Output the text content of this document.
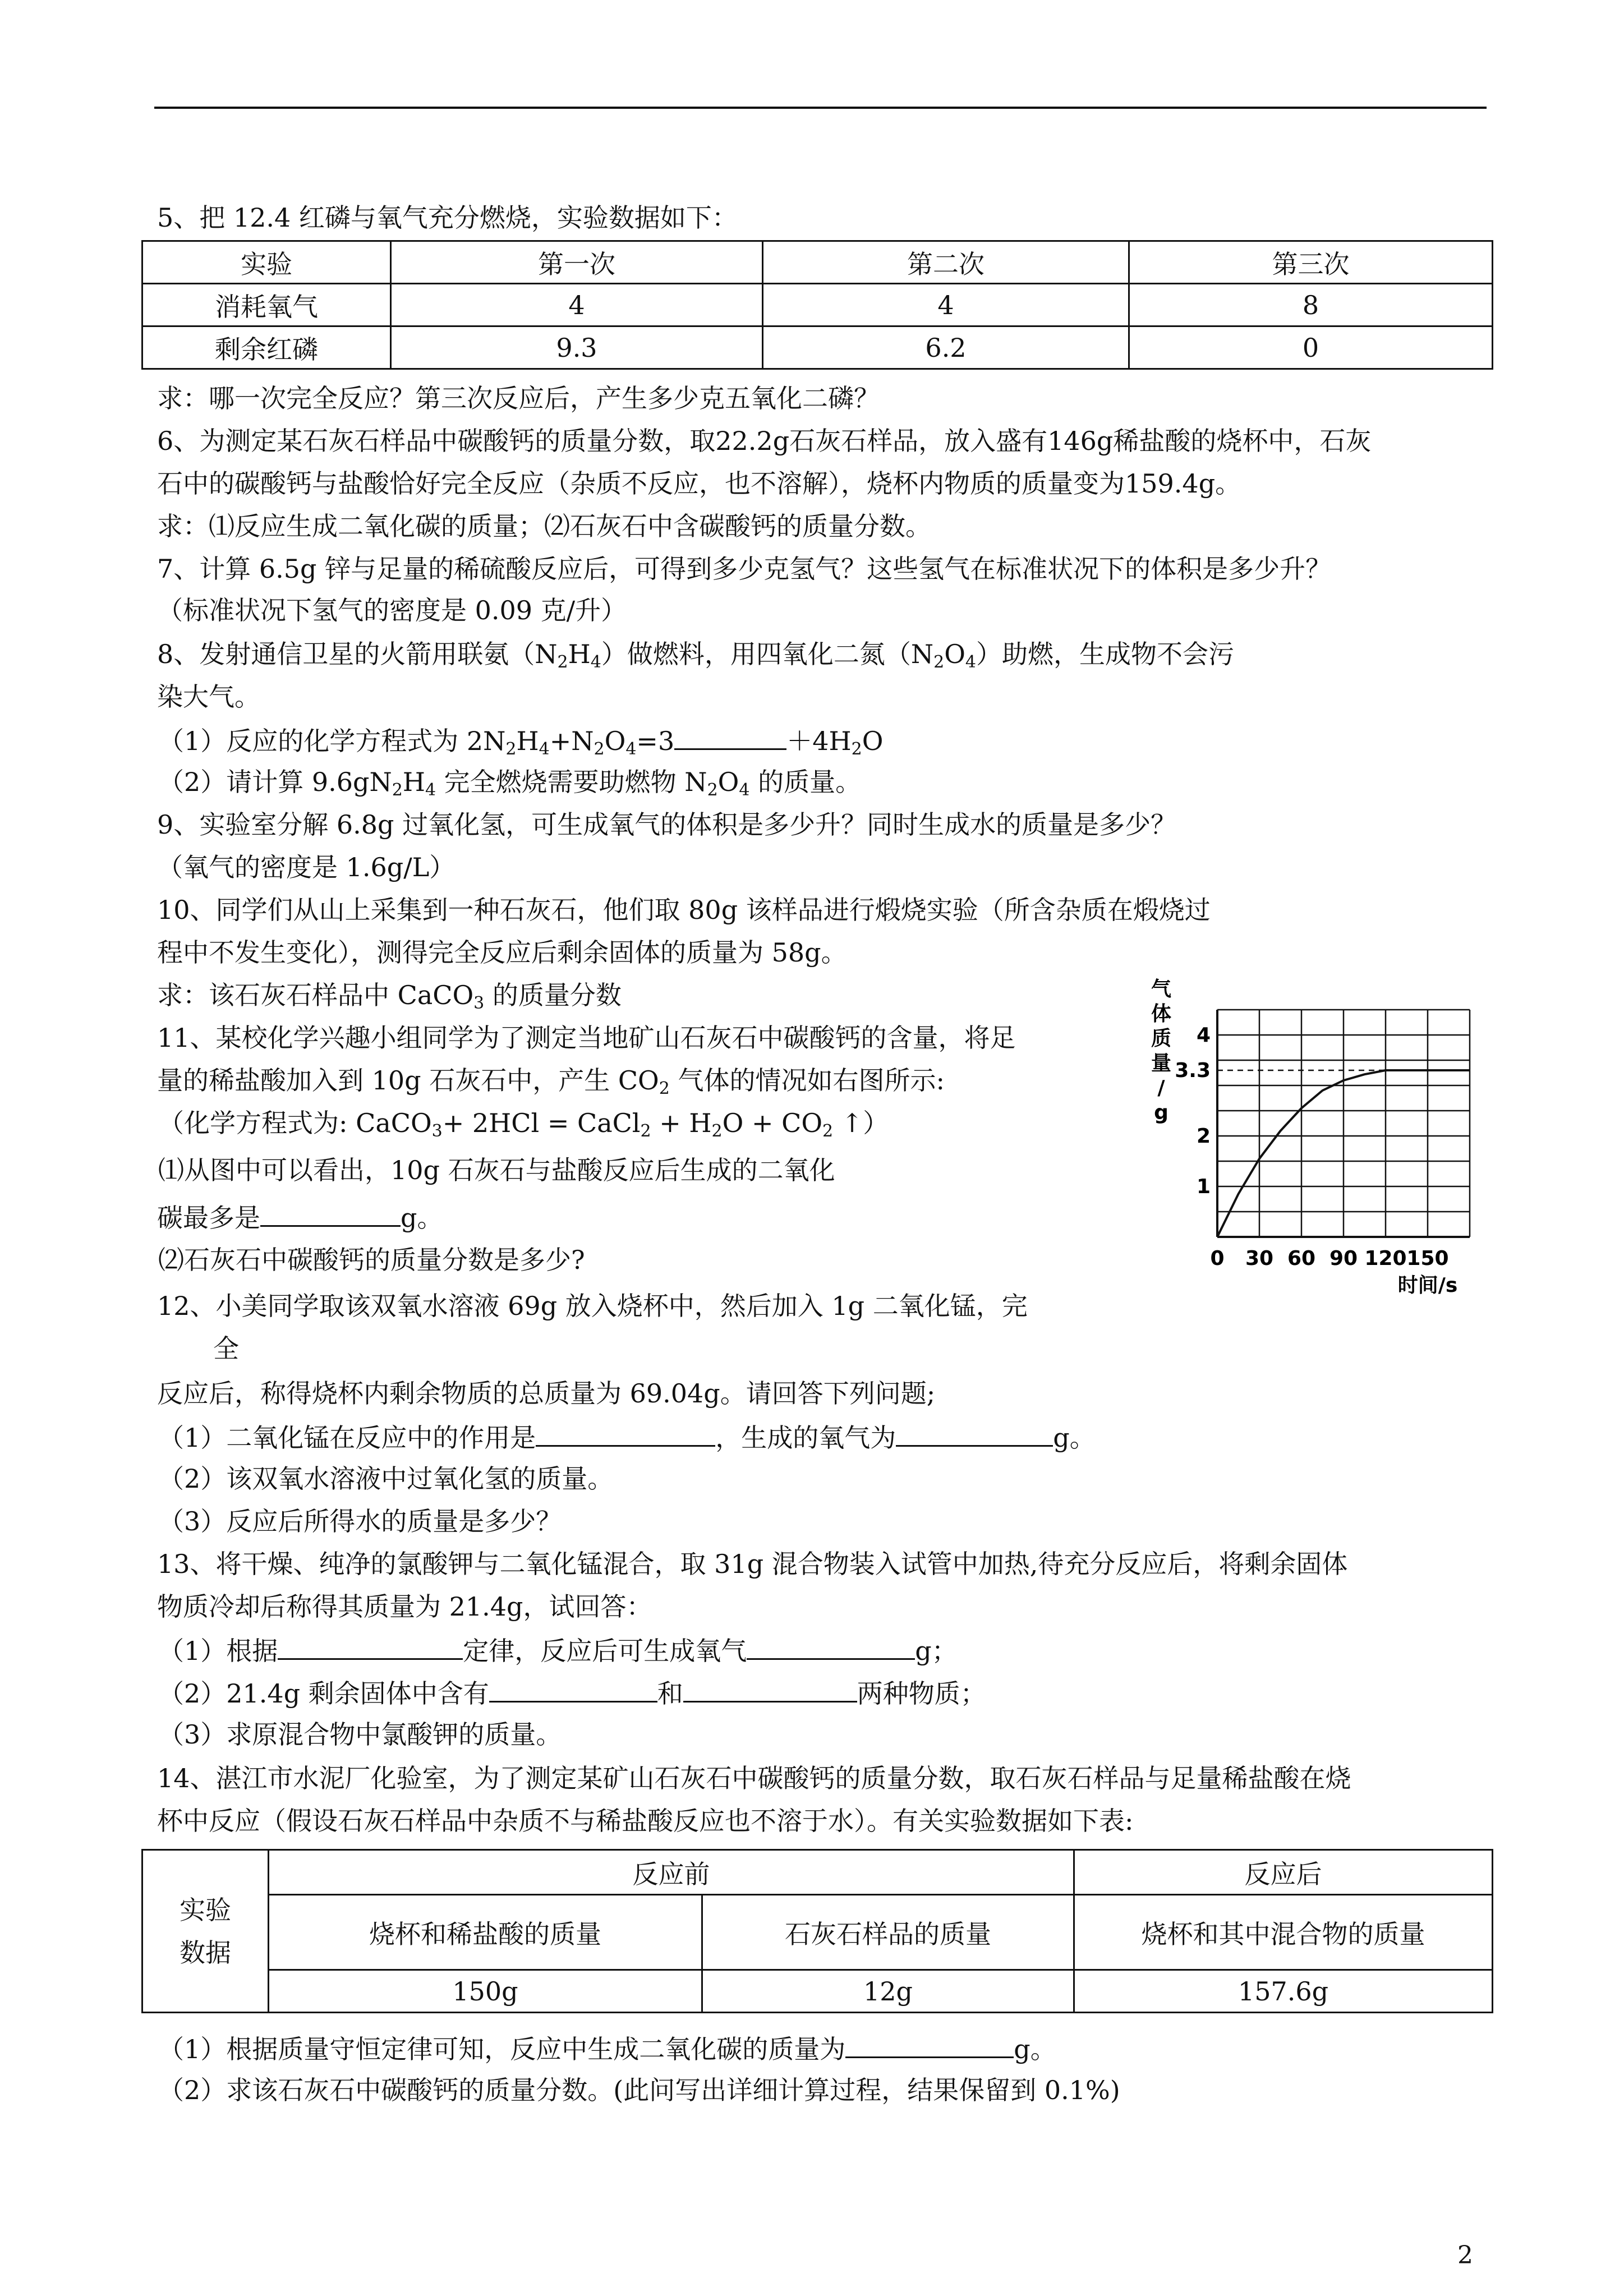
5、把 12.4 红磷与氧气充分燃烧，实验数据如下：
实验	第一次	第二次	第三次
消耗氧气	4	4	8
剩余红磷	9.3	6.2	0
求：哪一次完全反应？第三次反应后，产生多少克五氧化二磷？
6、为测定某石灰石样品中碳酸钙的质量分数，取22.2g石灰石样品，放入盛有146g稀盐酸的烧杯中，石灰
石中的碳酸钙与盐酸恰好完全反应（杂质不反应，也不溶解），烧杯内物质的质量变为159.4g。
求：⑴反应生成二氧化碳的质量；⑵石灰石中含碳酸钙的质量分数。
7、计算 6.5g 锌与足量的稀硫酸反应后，可得到多少克氢气？这些氢气在标准状况下的体积是多少升？
（标准状况下氢气的密度是 0.09 克/升）
8、发射通信卫星的火箭用联氨$(N_2H_4)$做燃料，用四氧化二氮$(N_2O_4)$助燃，生成物不会污
染大气。
（1）反应的化学方程式为 $2N_2H_4+N_2O_4=3$	$+4H_2O$
（2）请计算 $9.6gN_2H_4$ 完全燃烧需要助燃物 $N_2O_4$ 的质量。
9、实验室分解 6.8g 过氧化氢，可生成氧气的体积是多少升？同时生成水的质量是多少？
（氧气的密度是 1.6g/L）
10、同学们从山上采集到一种石灰石，他们取 80g 该样品进行煅烧实验（所含杂质在煅烧过
程中不发生变化），测得完全反应后剩余固体的质量为 58g。
求：该石灰石样品中 CaCO$_3$ 的质量分数
11、某校化学兴趣小组同学为了测定当地矿山石灰石中碳酸钙的含量，将足
量的稀盐酸加入到 10g 石灰石中，产生 $CO_2$ 气体的情况如右图所示:
（化学方程式为: CaCO$_3$+ 2HCl = CaCl$_2$ + $H_2O + CO_2$ ↑）
⑴从图中可以看出，10g 石灰石与盐酸反应后生成的二氧化
碳最多是	g。
⑵石灰石中碳酸钙的质量分数是多少?	0 30 60 90 120 150
1
2
3.3
4
气体质量/ g
时间/s
12、小美同学取该双氧水溶液 69g 放入烧杯中，然后加入 1g 二氧化锰，完
全
反应后，称得烧杯内剩余物质的总质量为 69.04g。请回答下列问题;
（1）二氧化锰在反应中的作用是	，生成的氧气为	g。
（2）该双氧水溶液中过氧化氢的质量。
（3）反应后所得水的质量是多少？
13、将干燥、纯净的氯酸钾与二氧化锰混合，取 31g 混合物装入试管中加热,待充分反应后，将剩余固体
物质冷却后称得其质量为 21.4g，试回答：
（1）根据	定律，反应后可生成氧气	g；
（2）21.4g 剩余固体中含有	和	两种物质；
（3）求原混合物中氯酸钾的质量。
14、湛江市水泥厂化验室，为了测定某矿山石灰石中碳酸钙的质量分数，取石灰石样品与足量稀盐酸在烧
杯中反应（假设石灰石样品中杂质不与稀盐酸反应也不溶于水）。有关实验数据如下表:
实验数据	反应前		反应后
	烧杯和稀盐酸的质量	石灰石样品的质量	烧杯和其中混合物的质量
	150g	12g	157.6g
（1）根据质量守恒定律可知，反应中生成二氧化碳的质量为	g。
（2）求该石灰石中碳酸钙的质量分数。(此问写出详细计算过程，结果保留到 0.1%)
2
